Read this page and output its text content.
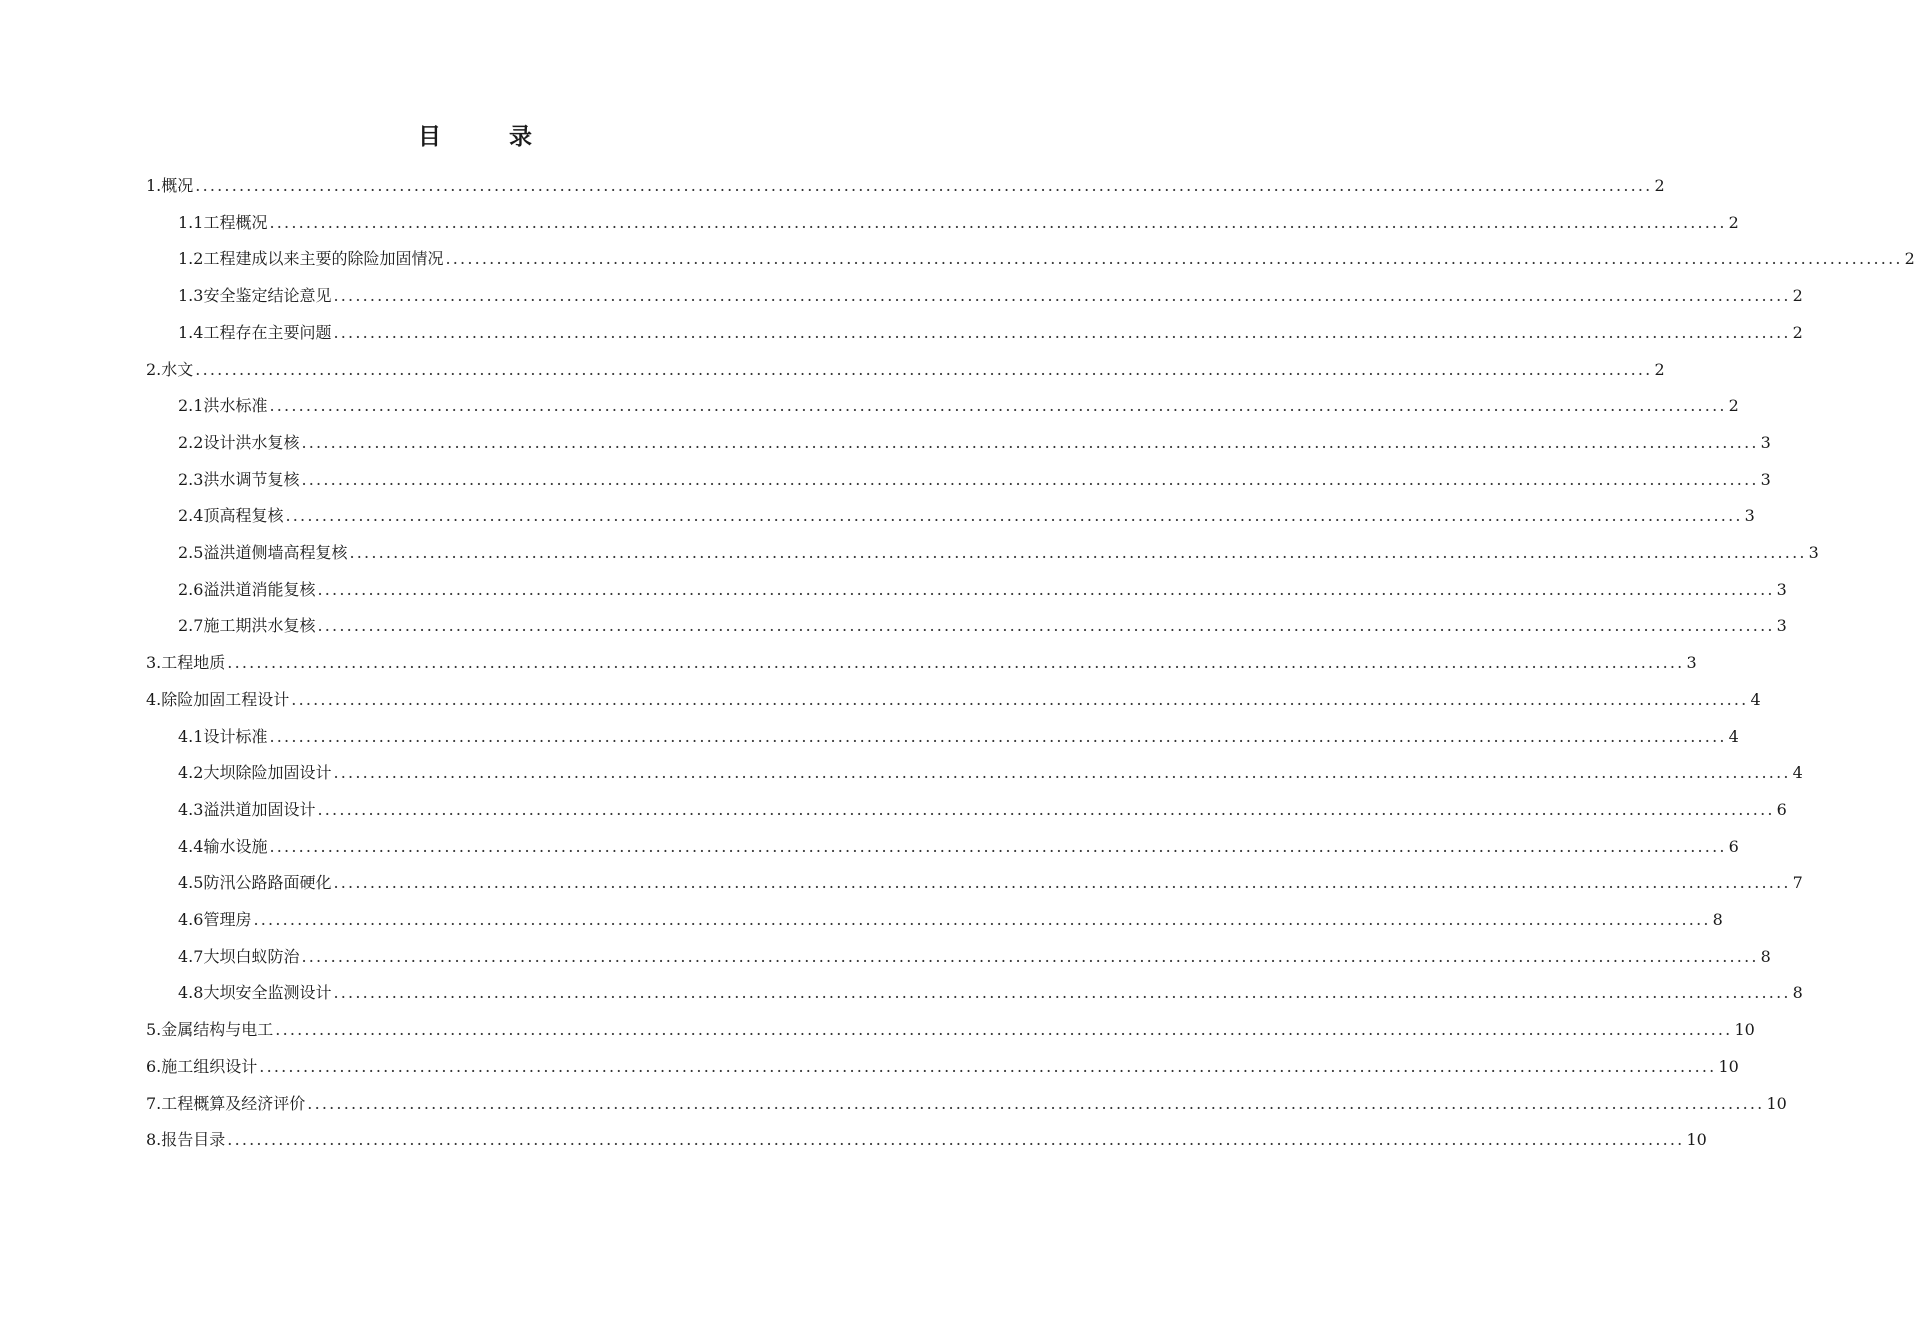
目 录
1. 概况 ........................................................................................................................................................................................................ 2
1.1 工程概况 ........................................................................................................................................................................................................ 2
1.2 工程建成以来主要的除险加固情况 ........................................................................................................................................................................................................ 2
1.3 安全鉴定结论意见 ........................................................................................................................................................................................................ 2
1.4 工程存在主要问题 ........................................................................................................................................................................................................ 2
2. 水文 ........................................................................................................................................................................................................ 2
2.1 洪水标准 ........................................................................................................................................................................................................ 2
2.2 设计洪水复核 ........................................................................................................................................................................................................ 3
2.3 洪水调节复核 ........................................................................................................................................................................................................ 3
2.4 顶高程复核 ........................................................................................................................................................................................................ 3
2.5 溢洪道侧墙高程复核 ........................................................................................................................................................................................................ 3
2.6 溢洪道消能复核 ........................................................................................................................................................................................................ 3
2.7 施工期洪水复核 ........................................................................................................................................................................................................ 3
3. 工程地质 ........................................................................................................................................................................................................ 3
4. 除险加固工程设计 ........................................................................................................................................................................................................ 4
4.1 设计标准 ........................................................................................................................................................................................................ 4
4.2 大坝除险加固设计 ........................................................................................................................................................................................................ 4
4.3 溢洪道加固设计 ........................................................................................................................................................................................................ 6
4.4 输水设施 ........................................................................................................................................................................................................ 6
4.5 防汛公路路面硬化 ........................................................................................................................................................................................................ 7
4.6 管理房 ........................................................................................................................................................................................................ 8
4.7 大坝白蚁防治 ........................................................................................................................................................................................................ 8
4.8 大坝安全监测设计 ........................................................................................................................................................................................................ 8
5. 金属结构与电工 ........................................................................................................................................................................................................ 10
6. 施工组织设计 ........................................................................................................................................................................................................ 10
7. 工程概算及经济评价 ........................................................................................................................................................................................................ 10
8. 报告目录 ........................................................................................................................................................................................................ 10
